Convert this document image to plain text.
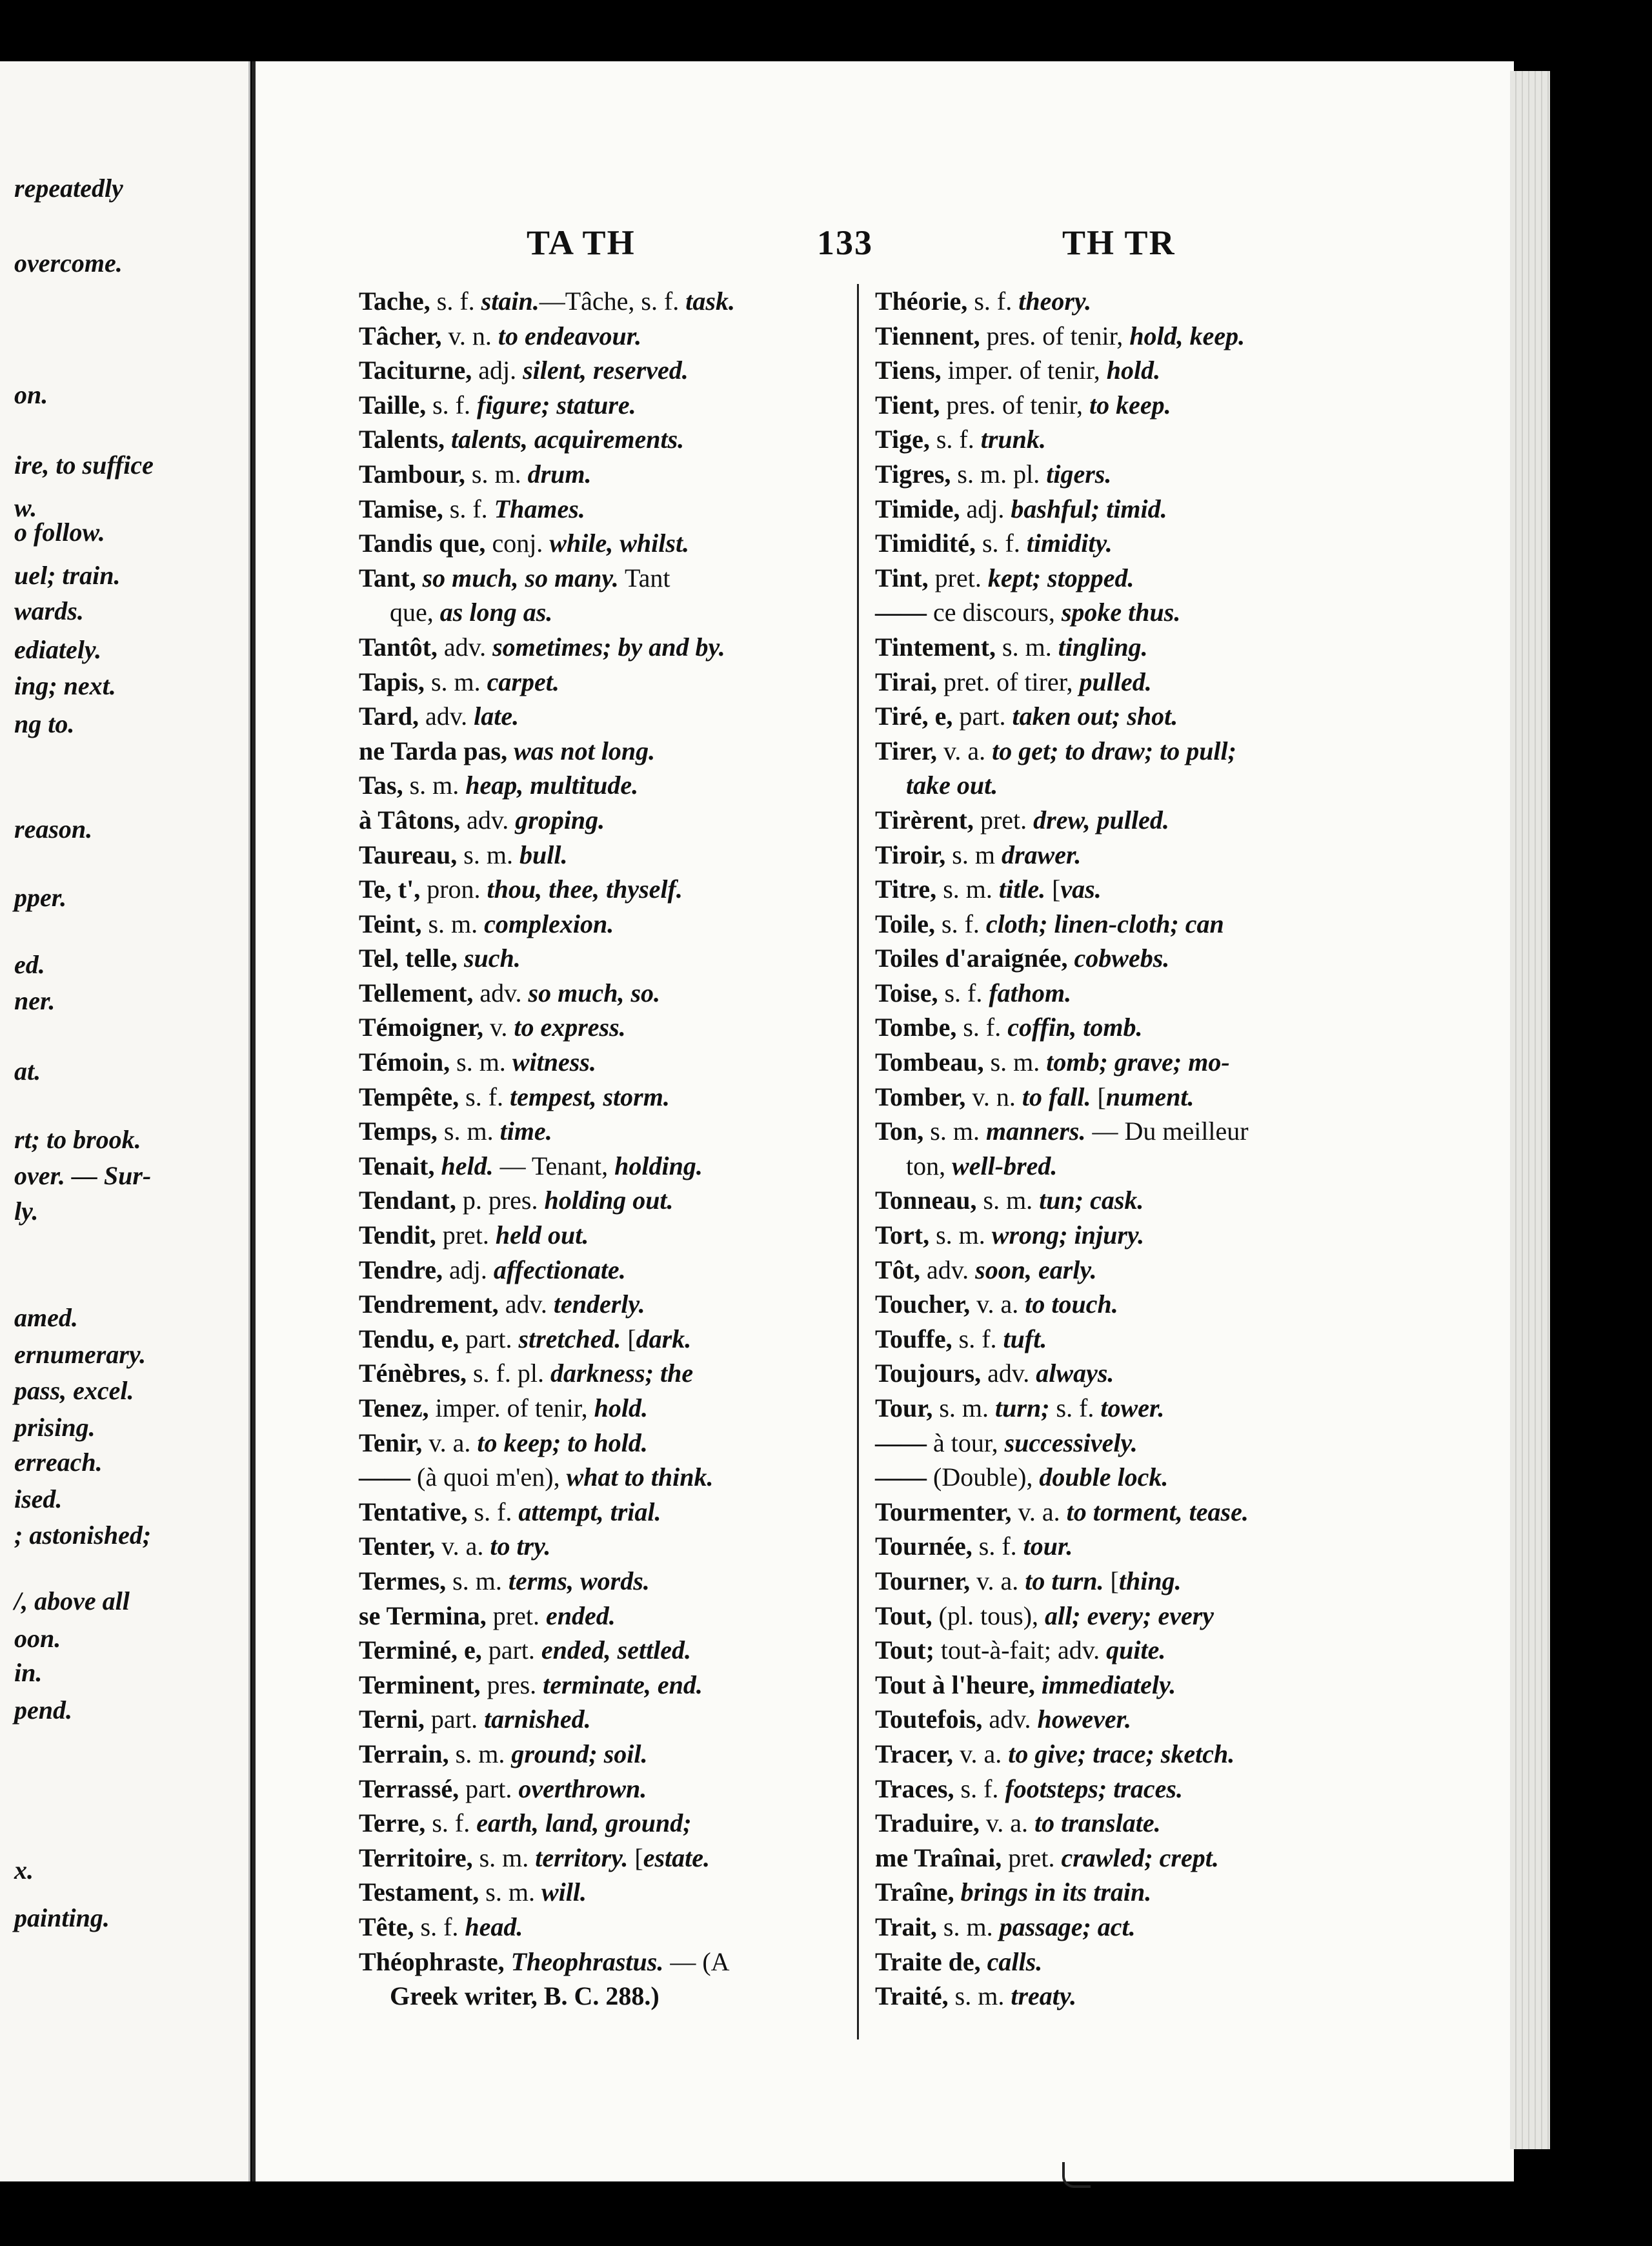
repeatedly
overcome.
on.
ire, to suffice
w.
o follow.
uel; train.
wards.
ediately.
ing; next.
ng to.
reason.
pper.
ed.
ner.
at.
rt; to brook.
over. — Sur-
ly.
amed.
ernumerary.
pass, excel.
prising.
erreach.
ised.
; astonished;
/, above all
oon.
in.
pend.
x.
painting.
TA TH	133	TH TR
Tache, s. f. stain.—Tâche, s. f. task.
Tâcher, v. n. to endeavour.
Taciturne, adj. silent, reserved.
Taille, s. f. figure; stature.
Talents, talents, acquirements.
Tambour, s. m. drum.
Tamise, s. f. Thames.
Tandis que, conj. while, whilst.
Tant, so much, so many. Tant
que, as long as.
Tantôt, adv. sometimes; by and by.
Tapis, s. m. carpet.
Tard, adv. late.
ne Tarda pas, was not long.
Tas, s. m. heap, multitude.
à Tâtons, adv. groping.
Taureau, s. m. bull.
Te, t', pron. thou, thee, thyself.
Teint, s. m. complexion.
Tel, telle, such.
Tellement, adv. so much, so.
Témoigner, v. to express.
Témoin, s. m. witness.
Tempête, s. f. tempest, storm.
Temps, s. m. time.
Tenait, held. — Tenant, holding.
Tendant, p. pres. holding out.
Tendit, pret. held out.
Tendre, adj. affectionate.
Tendrement, adv. tenderly.
Tendu, e, part. stretched. [dark.
Ténèbres, s. f. pl. darkness; the
Tenez, imper. of tenir, hold.
Tenir, v. a. to keep; to hold.
—— (à quoi m'en), what to think.
Tentative, s. f. attempt, trial.
Tenter, v. a. to try.
Termes, s. m. terms, words.
se Termina, pret. ended.
Terminé, e, part. ended, settled.
Terminent, pres. terminate, end.
Terni, part. tarnished.
Terrain, s. m. ground; soil.
Terrassé, part. overthrown.
Terre, s. f. earth, land, ground;
Territoire, s. m. territory. [estate.
Testament, s. m. will.
Tête, s. f. head.
Théophraste, Theophrastus. — (A
Greek writer, B. C. 288.)
Théorie, s. f. theory.
Tiennent, pres. of tenir, hold, keep.
Tiens, imper. of tenir, hold.
Tient, pres. of tenir, to keep.
Tige, s. f. trunk.
Tigres, s. m. pl. tigers.
Timide, adj. bashful; timid.
Timidité, s. f. timidity.
Tint, pret. kept; stopped.
—— ce discours, spoke thus.
Tintement, s. m. tingling.
Tirai, pret. of tirer, pulled.
Tiré, e, part. taken out; shot.
Tirer, v. a. to get; to draw; to pull;
take out.
Tirèrent, pret. drew, pulled.
Tiroir, s. m drawer.
Titre, s. m. title. [vas.
Toile, s. f. cloth; linen-cloth; can
Toiles d'araignée, cobwebs.
Toise, s. f. fathom.
Tombe, s. f. coffin, tomb.
Tombeau, s. m. tomb; grave; mo-
Tomber, v. n. to fall. [nument.
Ton, s. m. manners. — Du meilleur
ton, well-bred.
Tonneau, s. m. tun; cask.
Tort, s. m. wrong; injury.
Tôt, adv. soon, early.
Toucher, v. a. to touch.
Touffe, s. f. tuft.
Toujours, adv. always.
Tour, s. m. turn; s. f. tower.
—— à tour, successively.
—— (Double), double lock.
Tourmenter, v. a. to torment, tease.
Tournée, s. f. tour.
Tourner, v. a. to turn. [thing.
Tout, (pl. tous), all; every; every
Tout; tout-à-fait; adv. quite.
Tout à l'heure, immediately.
Toutefois, adv. however.
Tracer, v. a. to give; trace; sketch.
Traces, s. f. footsteps; traces.
Traduire, v. a. to translate.
me Traînai, pret. crawled; crept.
Traîne, brings in its train.
Trait, s. m. passage; act.
Traite de, calls.
Traité, s. m. treaty.
